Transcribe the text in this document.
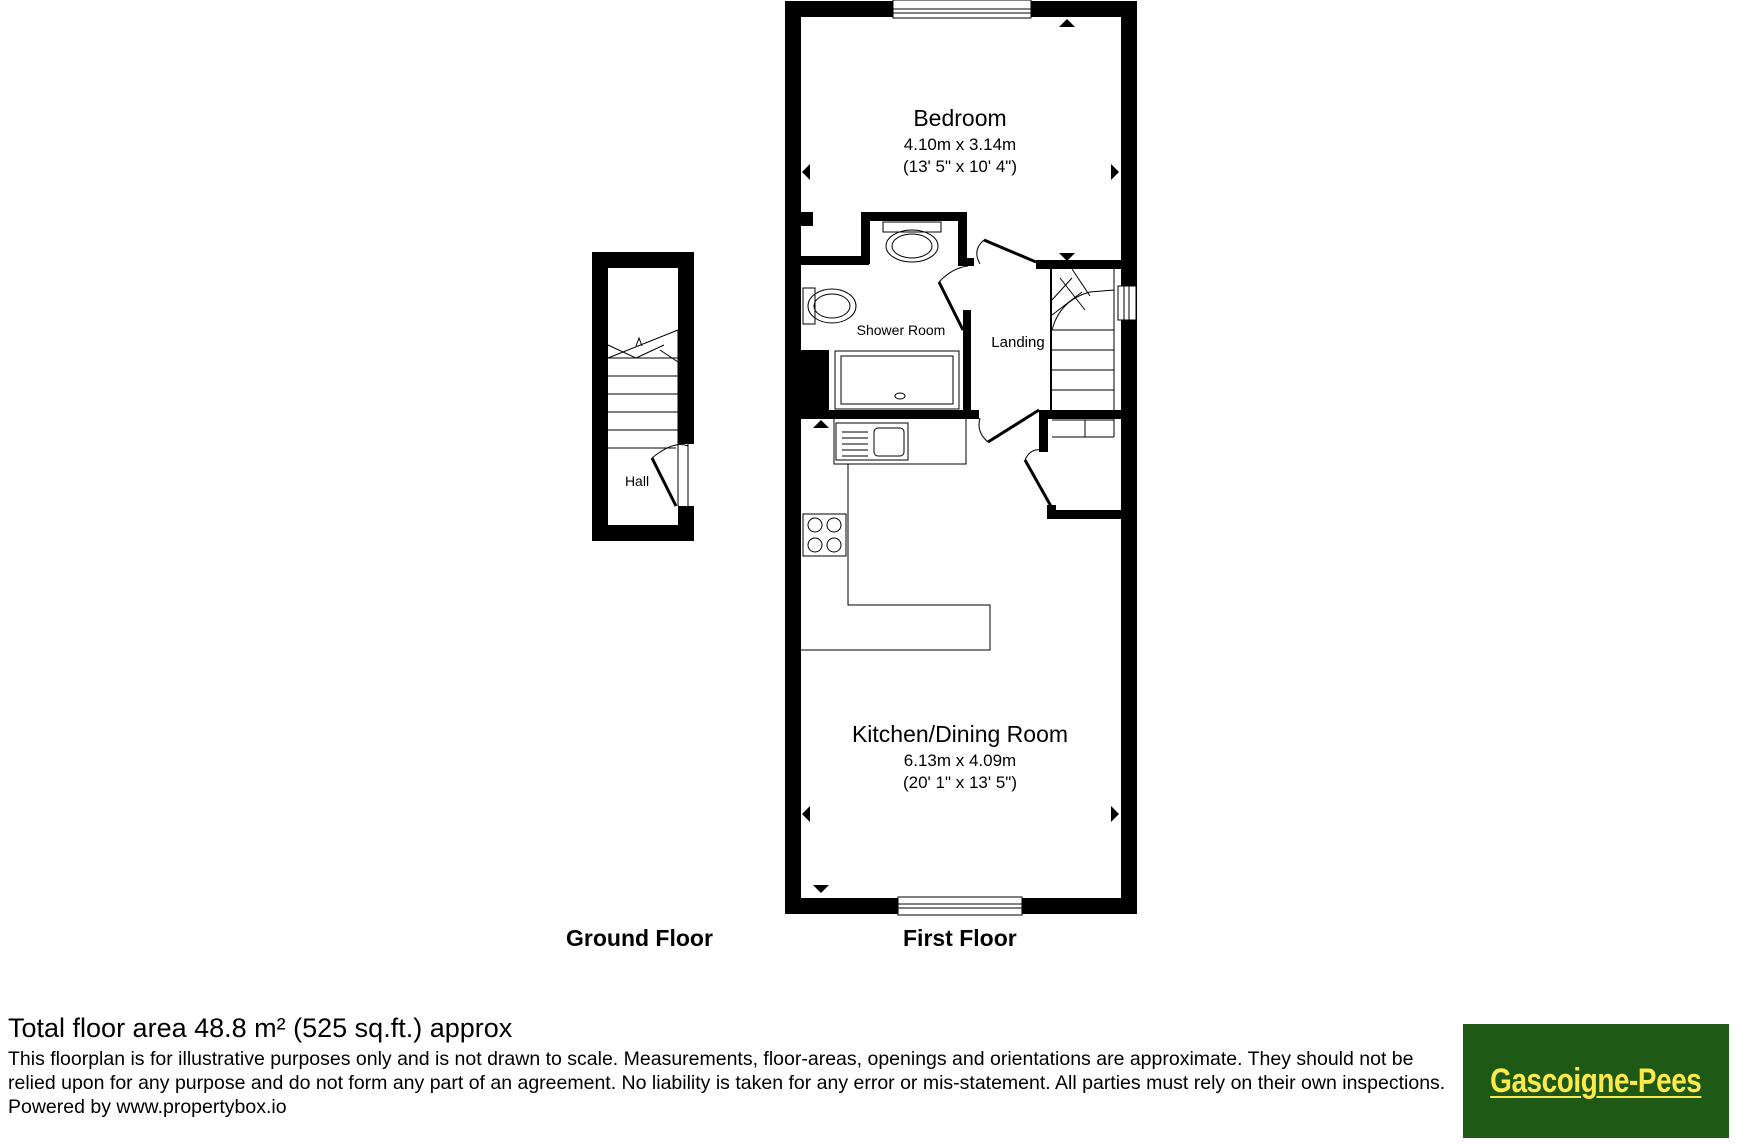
Bedroom
4.10m x 3.14m
(13' 5" x 10' 4")
Shower Room
Landing
Kitchen/Dining Room
6.13m x 4.09m
(20' 1" x 13' 5")
Hall
Ground Floor	First Floor
Total floor area 48.8 m² (525 sq.ft.) approx
This floorplan is for illustrative purposes only and is not drawn to scale. Measurements, floor-areas, openings and orientations are approximate. They should not be relied upon for any purpose and do not form any part of an agreement. No liability is taken for any error or mis-statement. All parties must rely on their own inspections. Powered by www.propertybox.io
Gascoigne-Pees
